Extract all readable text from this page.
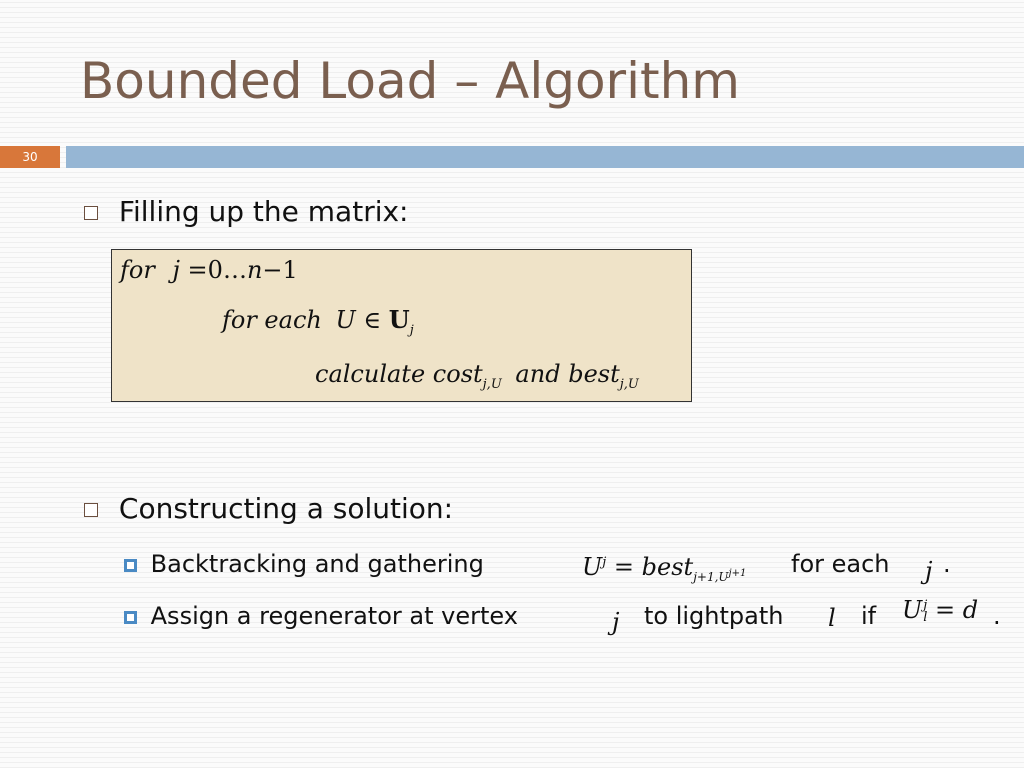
Bounded Load – Algorithm
30
Filling up the matrix:
for j =0…n−1
for each U ∈ $U_j$
calculate cost$_{j,U}$ and best$_{j,U}$
Constructing a solution:
Backtracking and gathering	$U^j$ = best$_{j+1,U^{j+1}}$ for each j .
Assign a regenerator at vertex	j to lightpath l if U j
l = d .
